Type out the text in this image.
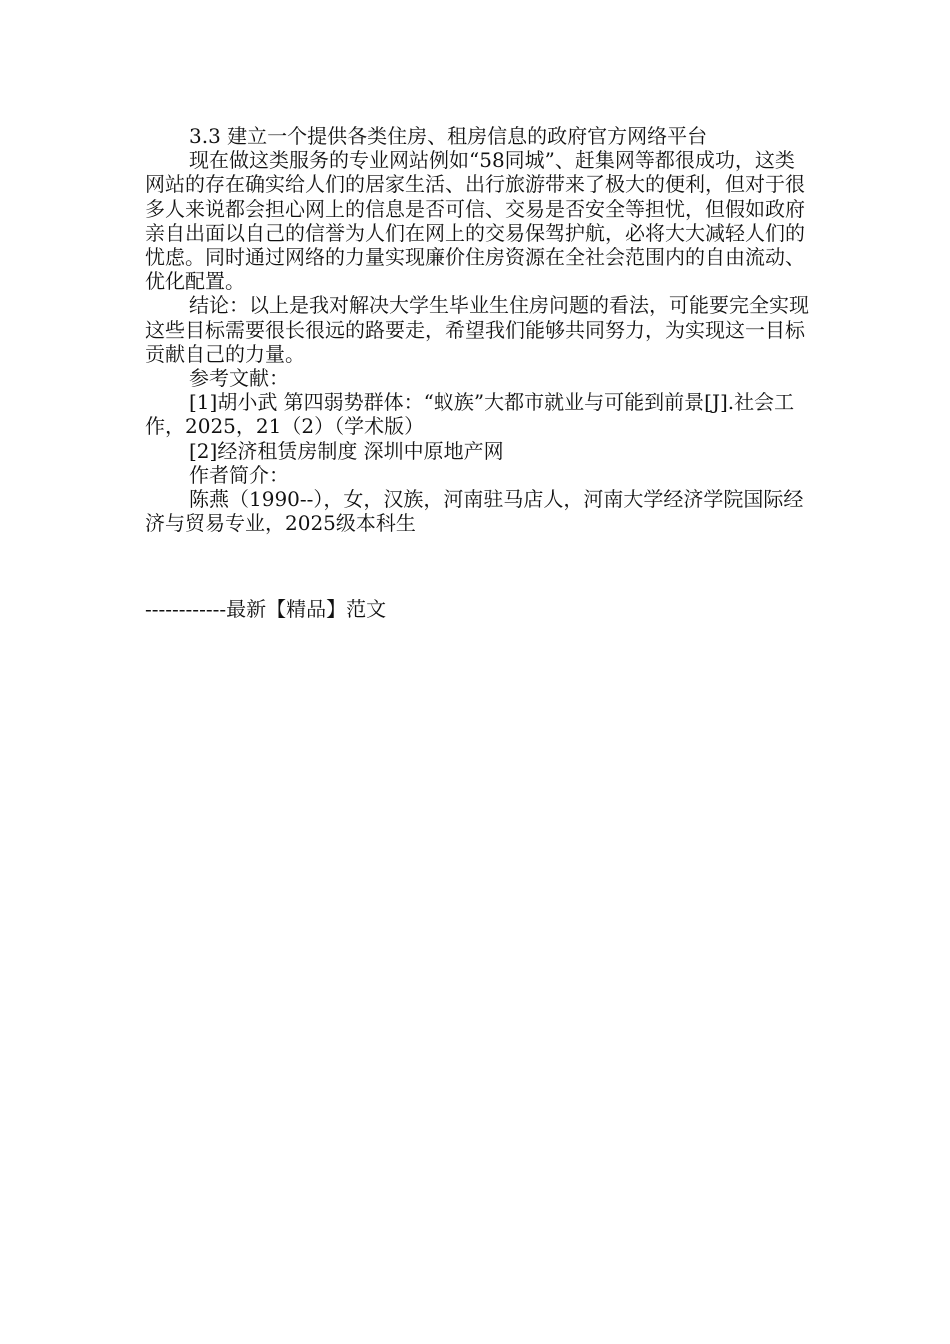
3.3 建立一个提供各类住房、租房信息的政府官方网络平台

现在做这类服务的专业网站例如“58同城”、赶集网等都很成功，这类网站的存在确实给人们的居家生活、出行旅游带来了极大的便利，但对于很多人来说都会担心网上的信息是否可信、交易是否安全等担忧，但假如政府亲自出面以自己的信誉为人们在网上的交易保驾护航，必将大大减轻人们的忧虑。同时通过网络的力量实现廉价住房资源在全社会范围内的自由流动、优化配置。

结论：以上是我对解决大学生毕业生住房问题的看法，可能要完全实现这些目标需要很长很远的路要走，希望我们能够共同努力，为实现这一目标贡献自己的力量。

参考文献：

[1]胡小武 第四弱势群体：“蚁族”大都市就业与可能到前景[J].社会工作，2025，21（2）（学术版）

[2]经济租赁房制度 深圳中原地产网

作者简介：

陈燕（1990--），女，汉族，河南驻马店人，河南大学经济学院国际经济与贸易专业，2025级本科生

------------最新【精品】范文
